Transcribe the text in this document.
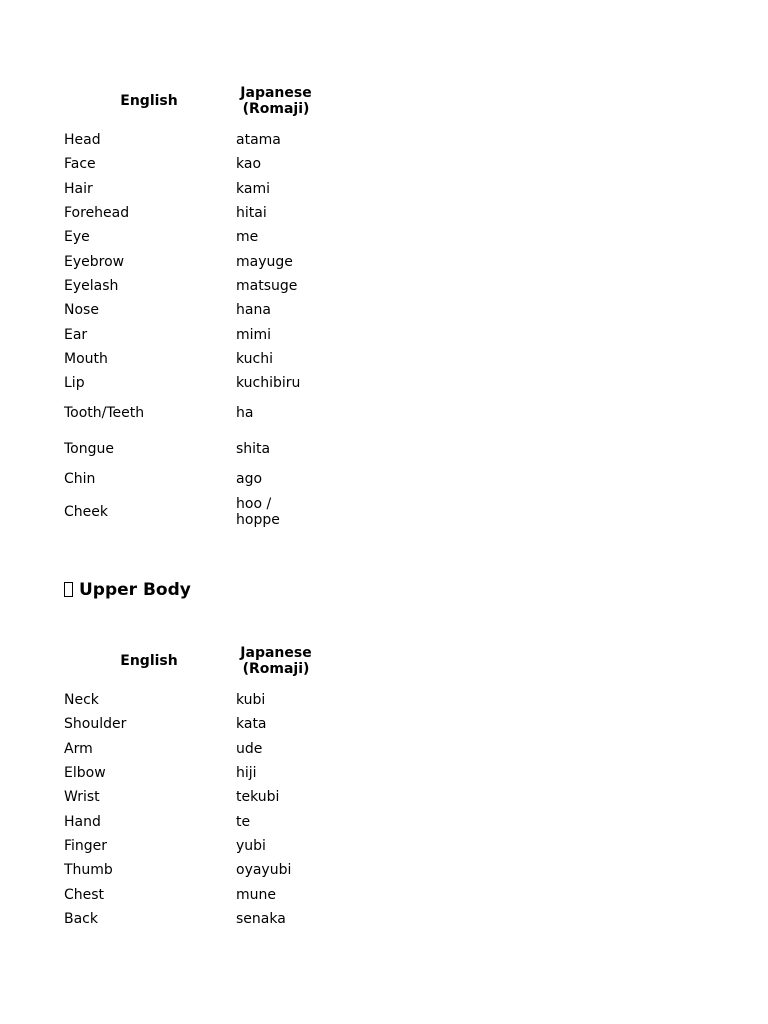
English	Japanese (Romaji)
Head	atama
Face	kao
Hair	kami
Forehead	hitai
Eye	me
Eyebrow	mayuge
Eyelash	matsuge
Nose	hana
Ear	mimi
Mouth	kuchi
Lip	kuchibiru
Tooth/Teeth	ha
Tongue	shita
Chin	ago
Cheek	hoo / hoppe
Upper Body
English	Japanese (Romaji)
Neck	kubi
Shoulder	kata
Arm	ude
Elbow	hiji
Wrist	tekubi
Hand	te
Finger	yubi
Thumb	oyayubi
Chest	mune
Back	senaka
